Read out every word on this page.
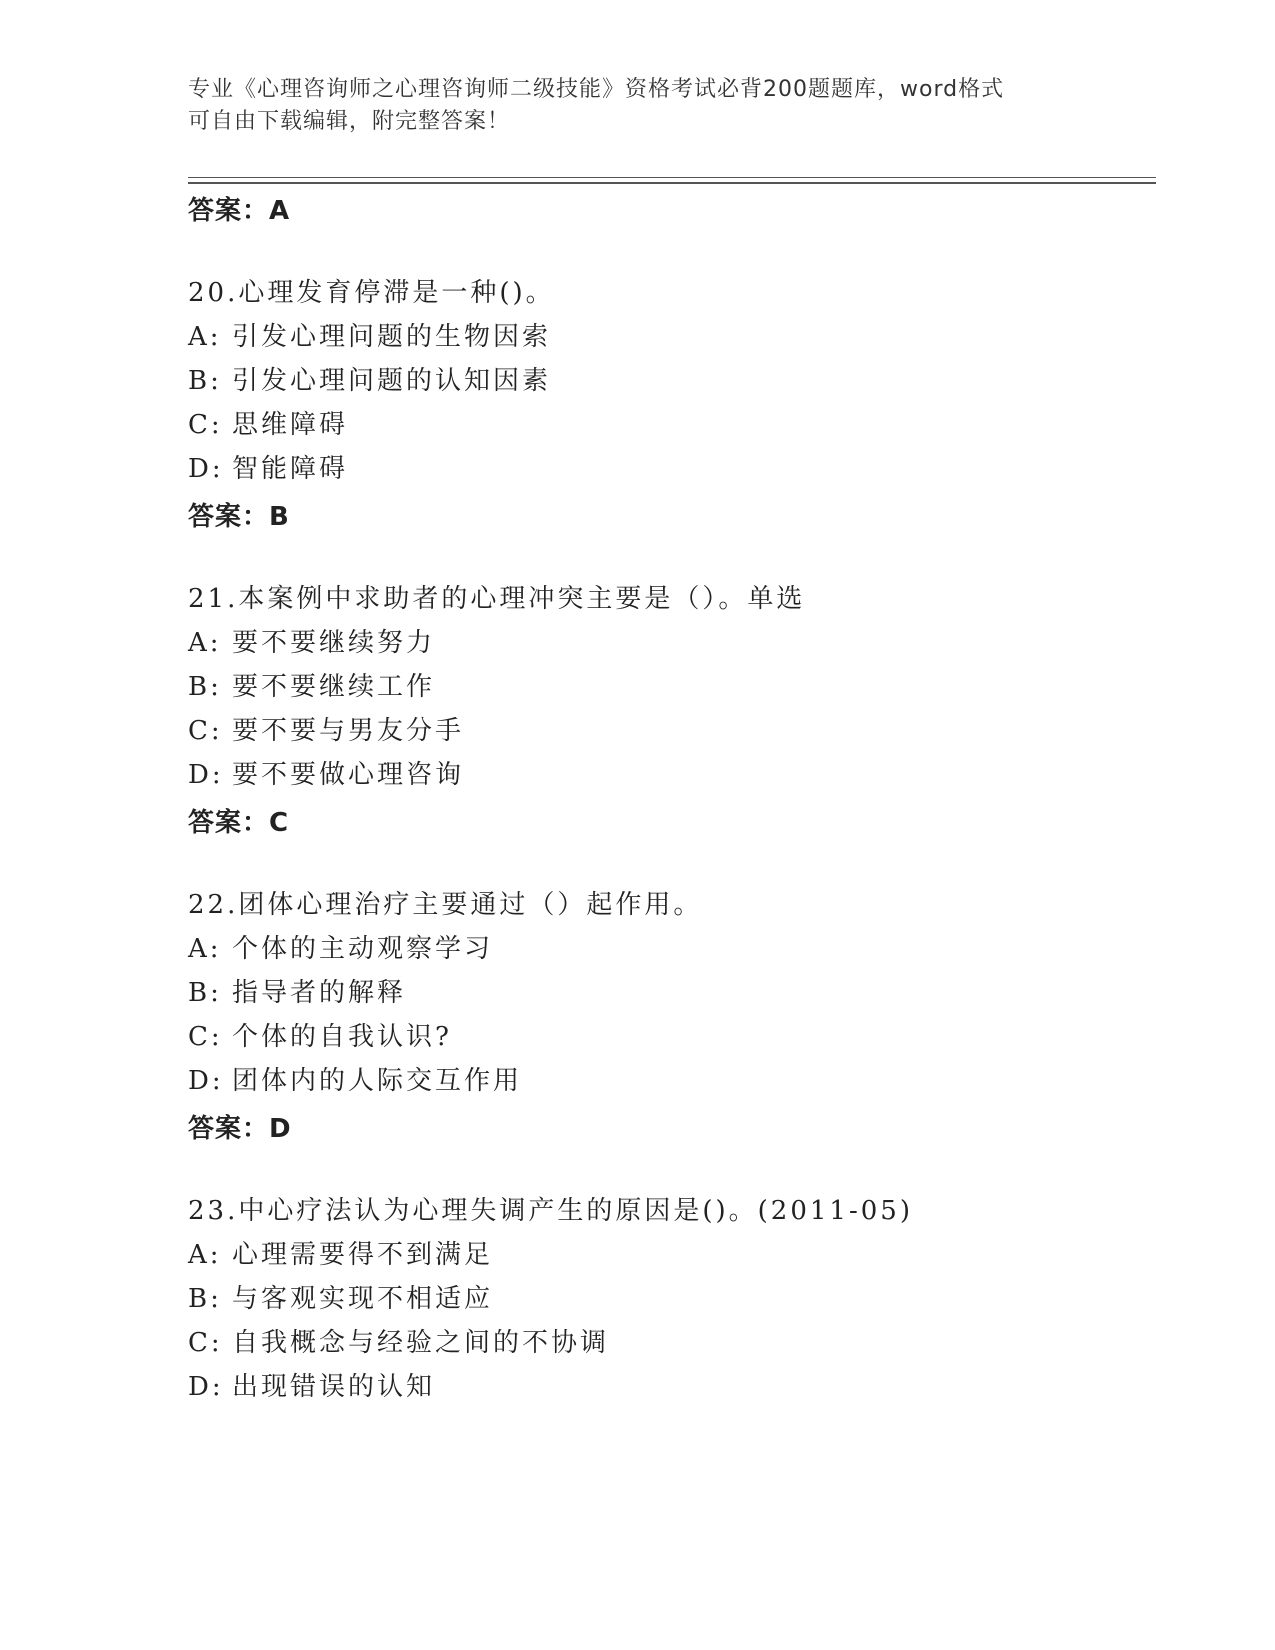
专业《心理咨询师之心理咨询师二级技能》资格考试必背200题题库，word格式
可自由下载编辑，附完整答案！
答案：A
20.心理发育停滞是一种()。
A: 引发心理问题的生物因索
B: 引发心理问题的认知因素
C: 思维障碍
D: 智能障碍
答案：B
21.本案例中求助者的心理冲突主要是（）。单选
A: 要不要继续努力
B: 要不要继续工作
C: 要不要与男友分手
D: 要不要做心理咨询
答案：C
22.团体心理治疗主要通过（）起作用。
A: 个体的主动观察学习
B: 指导者的解释
C: 个体的自我认识?
D: 团体内的人际交互作用
答案：D
23.中心疗法认为心理失调产生的原因是()。(2011-05)
A: 心理需要得不到满足
B: 与客观实现不相适应
C: 自我概念与经验之间的不协调
D: 出现错误的认知
